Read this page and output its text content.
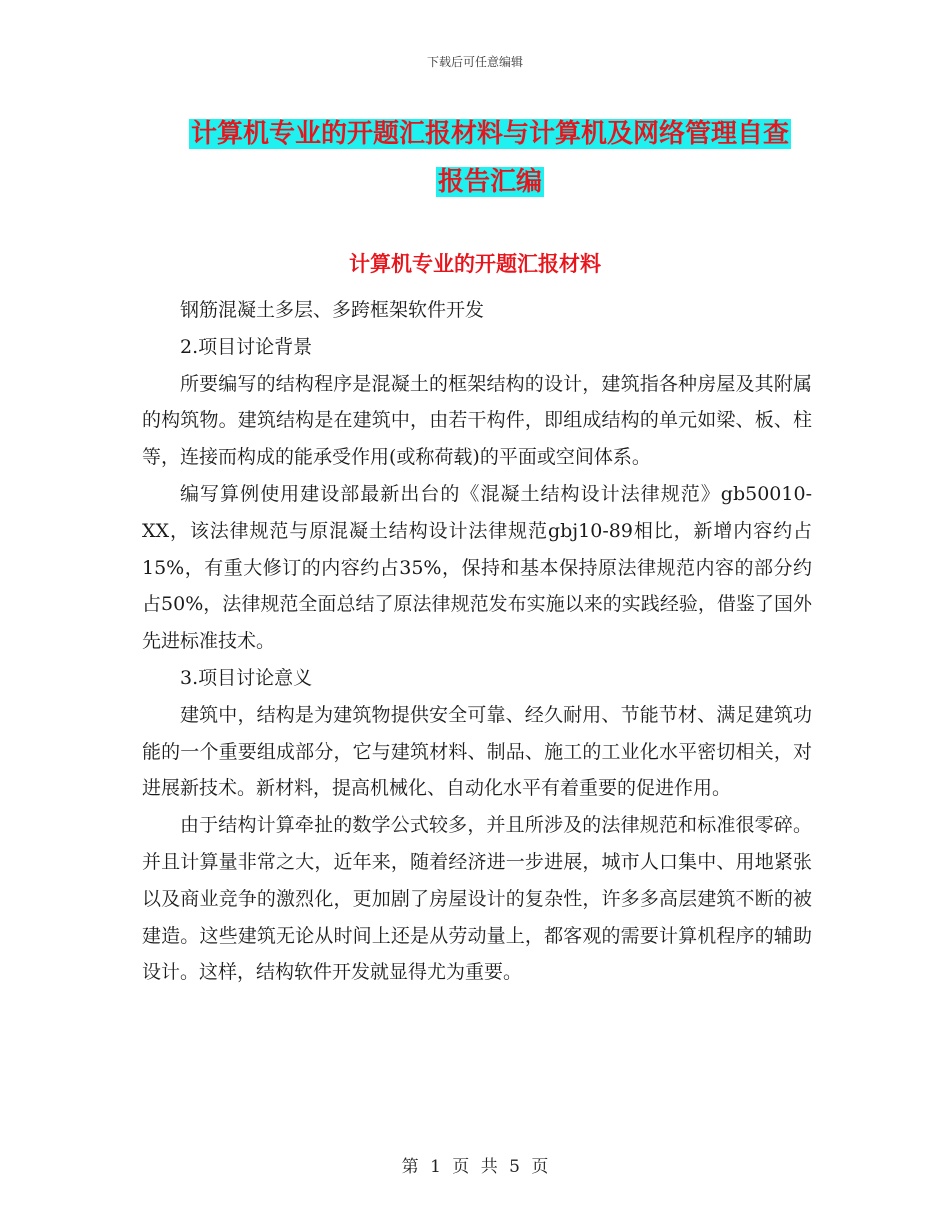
下载后可任意编辑
计算机专业的开题汇报材料与计算机及网络管理自查
报告汇编
计算机专业的开题汇报材料

钢筋混凝土多层、多跨框架软件开发

2.项目讨论背景

所要编写的结构程序是混凝土的框架结构的设计，建筑指各种房屋及其附属的构筑物。建筑结构是在建筑中，由若干构件，即组成结构的单元如梁、板、柱等，连接而构成的能承受作用(或称荷载)的平面或空间体系。

编写算例使用建设部最新出台的《混凝土结构设计法律规范》gb50010-XX，该法律规范与原混凝土结构设计法律规范gbj10-89相比，新增内容约占15%，有重大修订的内容约占35%，保持和基本保持原法律规范内容的部分约占50%，法律规范全面总结了原法律规范发布实施以来的实践经验，借鉴了国外先进标准技术。

3.项目讨论意义

建筑中，结构是为建筑物提供安全可靠、经久耐用、节能节材、满足建筑功能的一个重要组成部分，它与建筑材料、制品、施工的工业化水平密切相关，对进展新技术。新材料，提高机械化、自动化水平有着重要的促进作用。

由于结构计算牵扯的数学公式较多，并且所涉及的法律规范和标准很零碎。并且计算量非常之大，近年来，随着经济进一步进展，城市人口集中、用地紧张以及商业竞争的激烈化，更加剧了房屋设计的复杂性，许多多高层建筑不断的被建造。这些建筑无论从时间上还是从劳动量上，都客观的需要计算机程序的辅助设计。这样，结构软件开发就显得尤为重要。

第 1 页 共 5 页
